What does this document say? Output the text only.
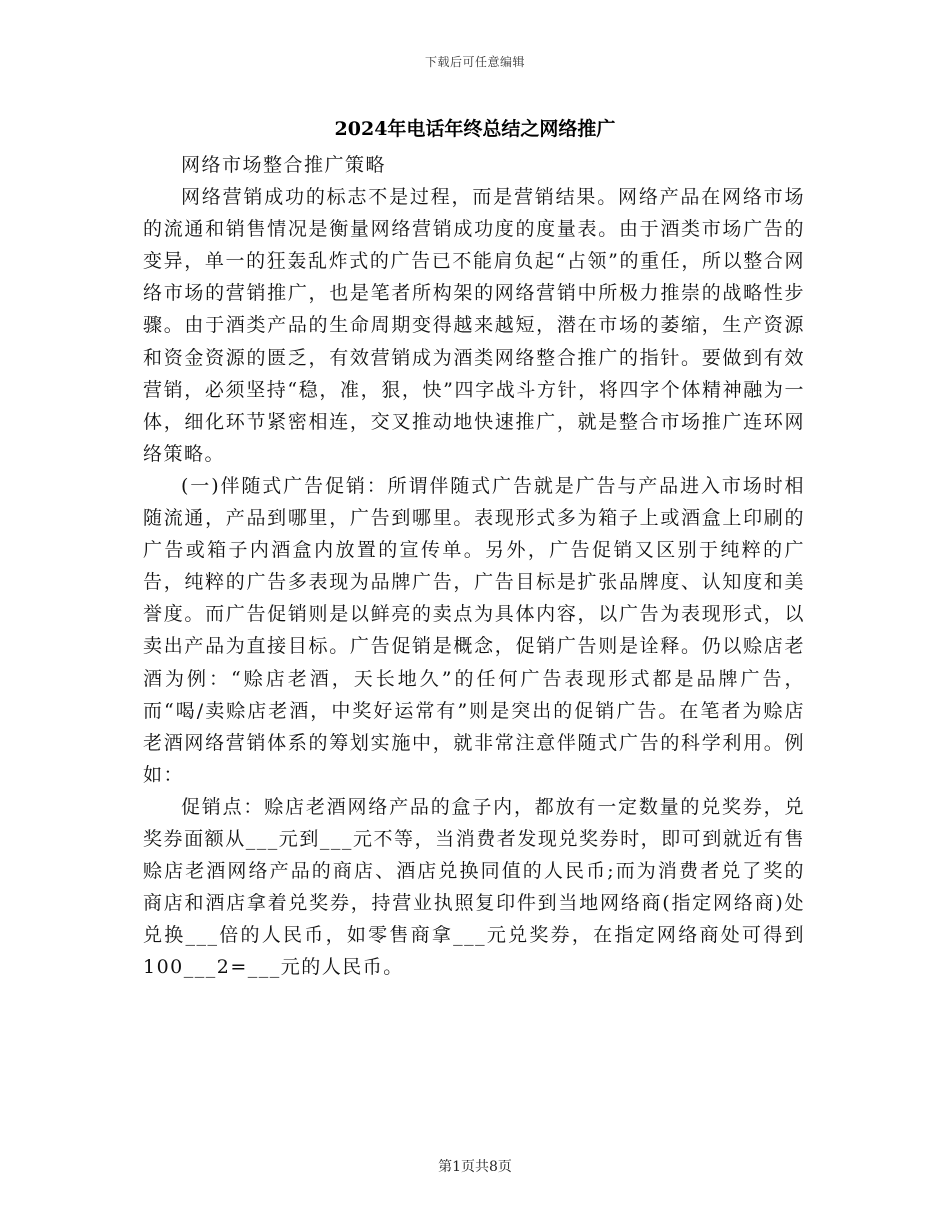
下载后可任意编辑
2024年电话年终总结之网络推广

网络市场整合推广策略

网络营销成功的标志不是过程，而是营销结果。网络产品在网络市场的流通和销售情况是衡量网络营销成功度的度量表。由于酒类市场广告的变异，单一的狂轰乱炸式的广告已不能肩负起“占领”的重任，所以整合网络市场的营销推广，也是笔者所构架的网络营销中所极力推崇的战略性步骤。由于酒类产品的生命周期变得越来越短，潜在市场的萎缩，生产资源和资金资源的匮乏，有效营销成为酒类网络整合推广的指针。要做到有效营销，必须坚持“稳，准，狠，快”四字战斗方针，将四字个体精神融为一体，细化环节紧密相连，交叉推动地快速推广，就是整合市场推广连环网络策略。

(一)伴随式广告促销：所谓伴随式广告就是广告与产品进入市场时相随流通，产品到哪里，广告到哪里。表现形式多为箱子上或酒盒上印刷的广告或箱子内酒盒内放置的宣传单。另外，广告促销又区别于纯粹的广告，纯粹的广告多表现为品牌广告，广告目标是扩张品牌度、认知度和美誉度。而广告促销则是以鲜亮的卖点为具体内容，以广告为表现形式，以卖出产品为直接目标。广告促销是概念，促销广告则是诠释。仍以赊店老酒为例：“赊店老酒，天长地久”的任何广告表现形式都是品牌广告，而“喝/卖赊店老酒，中奖好运常有”则是突出的促销广告。在笔者为赊店老酒网络营销体系的筹划实施中，就非常注意伴随式广告的科学利用。例如：

促销点：赊店老酒网络产品的盒子内，都放有一定数量的兑奖券，兑奖券面额从___元到___元不等，当消费者发现兑奖券时，即可到就近有售赊店老酒网络产品的商店、酒店兑换同值的人民币;而为消费者兑了奖的商店和酒店拿着兑奖券，持营业执照复印件到当地网络商(指定网络商)处兑换___倍的人民币，如零售商拿___元兑奖券，在指定网络商处可得到100___2=___元的人民币。

第1页共8页
